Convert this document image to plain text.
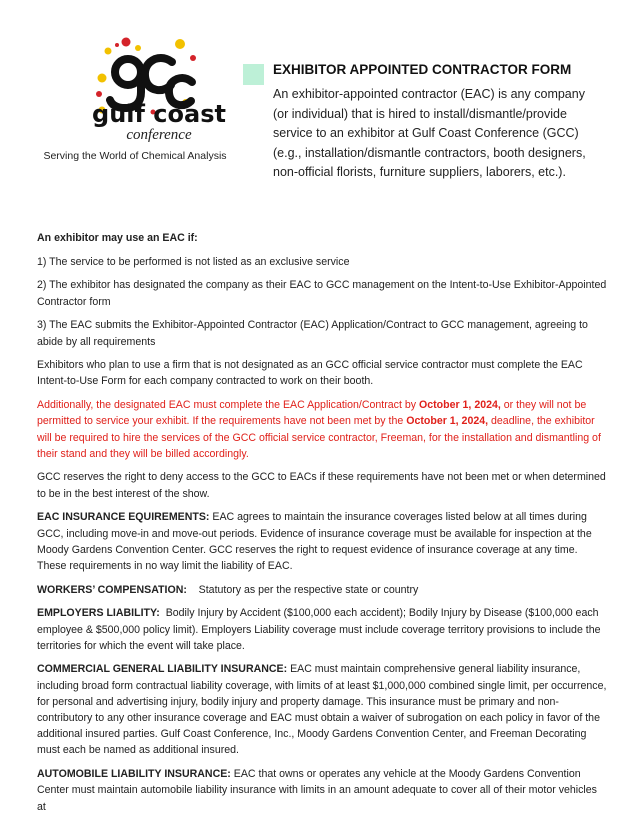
gulf coast
conference
Serving the World of Chemical Analysis
EXHIBITOR APPOINTED CONTRACTOR FORM
An exhibitor-appointed contractor (EAC) is any company (or individual) that is hired to install/dismantle/provide service to an exhibitor at Gulf Coast Conference (GCC) (e.g., installation/dismantle contractors, booth designers, non-official florists, furniture suppliers, laborers, etc.).

An exhibitor may use an EAC if:

1) The service to be performed is not listed as an exclusive service

2) The exhibitor has designated the company as their EAC to GCC management on the Intent-to-Use Exhibitor-Appointed Contractor form

3) The EAC submits the Exhibitor-Appointed Contractor (EAC) Application/Contract to GCC management, agreeing to abide by all requirements

Exhibitors who plan to use a firm that is not designated as an GCC official service contractor must complete the EAC Intent-to-Use Form for each company contracted to work on their booth.

Additionally, the designated EAC must complete the EAC Application/Contract by October 1, 2024, or they will not be permitted to service your exhibit. If the requirements have not been met by the October 1, 2024, deadline, the exhibitor will be required to hire the services of the GCC official service contractor, Freeman, for the installation and dismantling of their stand and they will be billed accordingly.

GCC reserves the right to deny access to the GCC to EACs if these requirements have not been met or when determined to be in the best interest of the show.

EAC INSURANCE EQUIREMENTS: EAC agrees to maintain the insurance coverages listed below at all times during GCC, including move-in and move-out periods. Evidence of insurance coverage must be available for inspection at the Moody Gardens Convention Center. GCC reserves the right to request evidence of insurance coverage at any time. These requirements in no way limit the liability of EAC.

WORKERS’ COMPENSATION:    Statutory as per the respective state or country

EMPLOYERS LIABILITY:  Bodily Injury by Accident ($100,000 each accident); Bodily Injury by Disease ($100,000 each employee & $500,000 policy limit). Employers Liability coverage must include coverage territory provisions to include the territories for which the event will take place.

COMMERCIAL GENERAL LIABILITY INSURANCE: EAC must maintain comprehensive general liability insurance, including broad form contractual liability coverage, with limits of at least $1,000,000 combined single limit, per occurrence, for personal and advertising injury, bodily injury and property damage. This insurance must be primary and non-contributory to any other insurance coverage and EAC must obtain a waiver of subrogation on each policy in favor of the additional insured parties. Gulf Coast Conference, Inc., Moody Gardens Convention Center, and Freeman Decorating must each be named as additional insured.

AUTOMOBILE LIABILITY INSURANCE: EAC that owns or operates any vehicle at the Moody Gardens Convention Center must maintain automobile liability insurance with limits in an amount adequate to cover all of their motor vehicles at
